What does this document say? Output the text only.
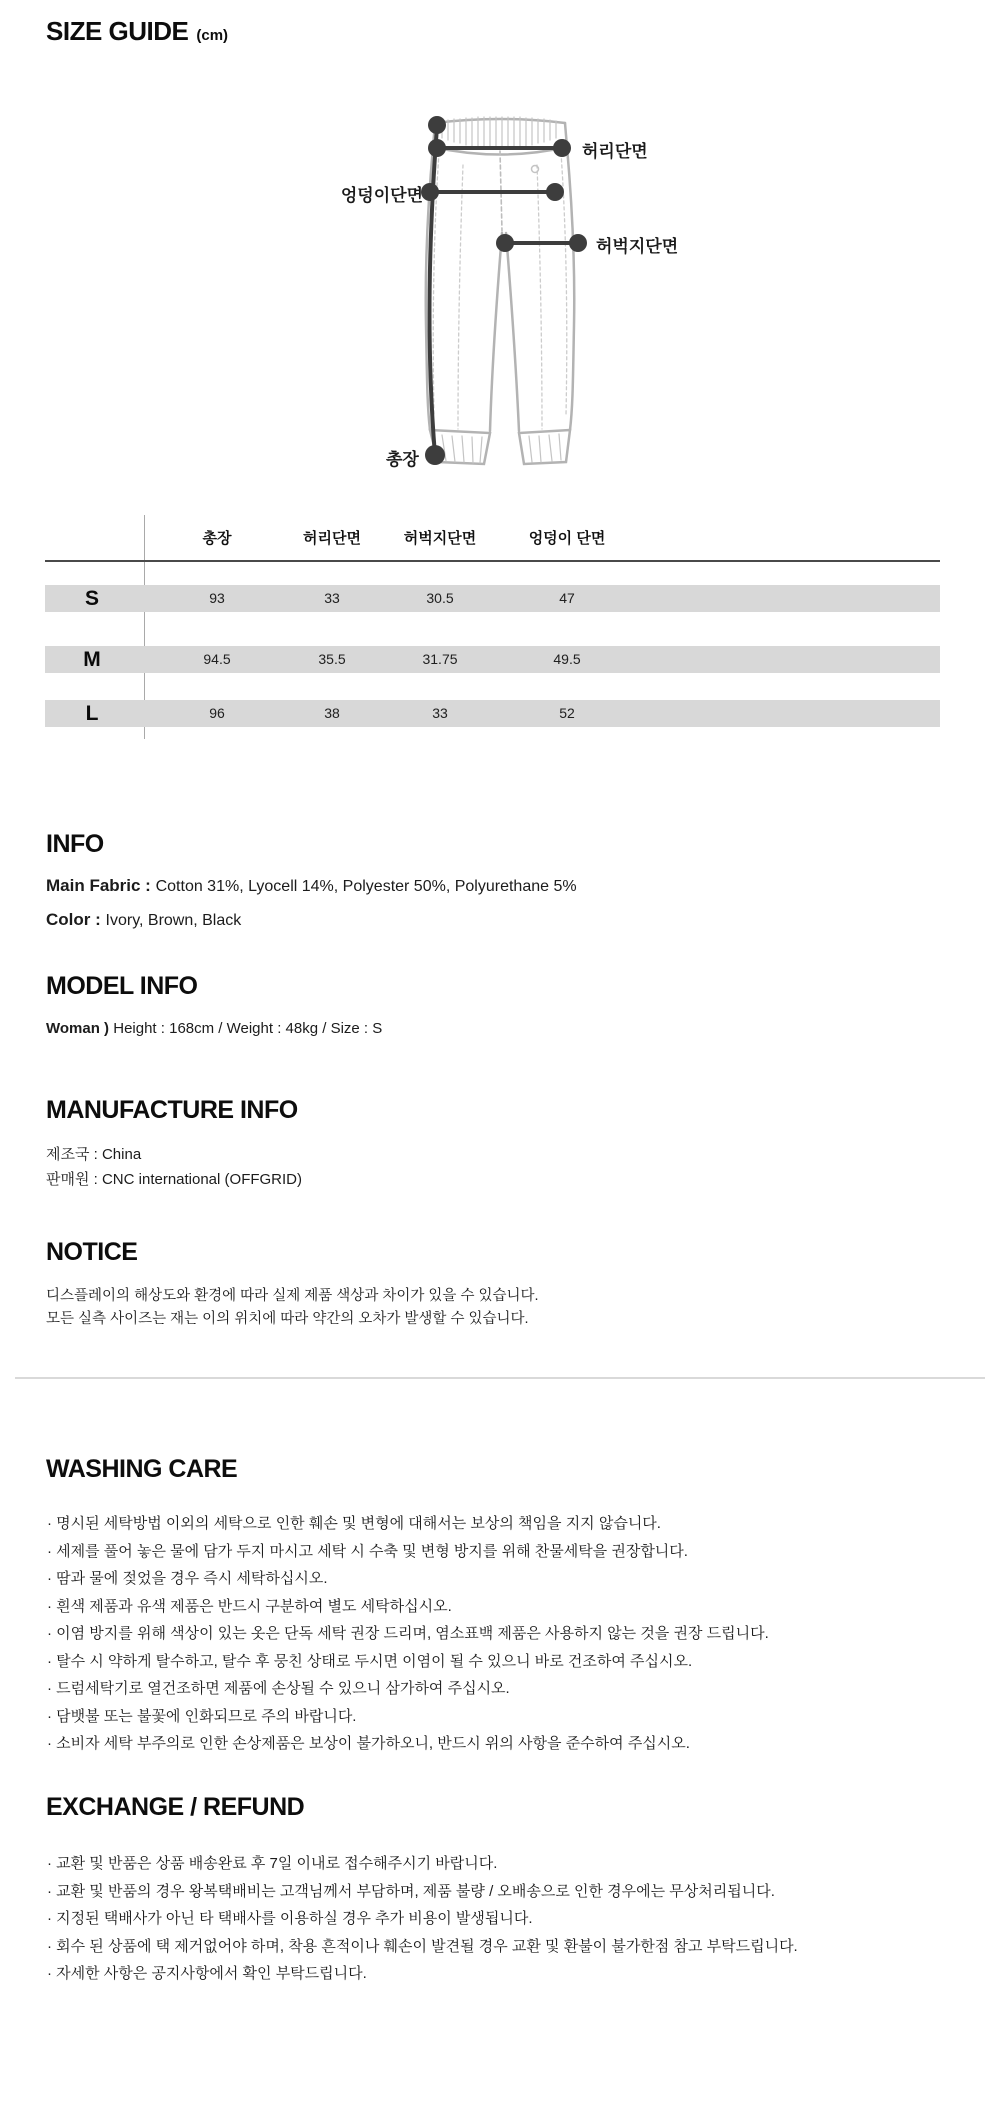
SIZE GUIDE (cm)
허리단면
엉덩이단면
허벅지단면
총장
총장	허리단면	허벅지단면	엉덩이 단면
S	93	33	30.5	47
M	94.5	35.5	31.75	49.5
L	96	38	33	52
INFO
Main Fabric : Cotton 31%, Lyocell 14%, Polyester 50%, Polyurethane 5%
Color : Ivory, Brown, Black
MODEL INFO
Woman ) Height : 168cm / Weight : 48kg / Size : S
MANUFACTURE INFO
제조국 : China
판매원 : CNC international (OFFGRID)
NOTICE
디스플레이의 해상도와 환경에 따라 실제 제품 색상과 차이가 있을 수 있습니다.
모든 실측 사이즈는 재는 이의 위치에 따라 약간의 오차가 발생할 수 있습니다.
WASHING CARE
· 명시된 세탁방법 이외의 세탁으로 인한 훼손 및 변형에 대해서는 보상의 책임을 지지 않습니다.
· 세제를 풀어 놓은 물에 담가 두지 마시고 세탁 시 수축 및 변형 방지를 위해 찬물세탁을 권장합니다.
· 땀과 물에 젖었을 경우 즉시 세탁하십시오.
· 흰색 제품과 유색 제품은 반드시 구분하여 별도 세탁하십시오.
· 이염 방지를 위해 색상이 있는 옷은 단독 세탁 권장 드리며, 염소표백 제품은 사용하지 않는 것을 권장 드립니다.
· 탈수 시 약하게 탈수하고, 탈수 후 뭉친 상태로 두시면 이염이 될 수 있으니 바로 건조하여 주십시오.
· 드럼세탁기로 열건조하면 제품에 손상될 수 있으니 삼가하여 주십시오.
· 담뱃불 또는 불꽃에 인화되므로 주의 바랍니다.
· 소비자 세탁 부주의로 인한 손상제품은 보상이 불가하오니, 반드시 위의 사항을 준수하여 주십시오.
EXCHANGE / REFUND
· 교환 및 반품은 상품 배송완료 후 7일 이내로 접수해주시기 바랍니다.
· 교환 및 반품의 경우 왕복택배비는 고객님께서 부담하며, 제품 불량 / 오배송으로 인한 경우에는 무상처리됩니다.
· 지정된 택배사가 아닌 타 택배사를 이용하실 경우 추가 비용이 발생됩니다.
· 회수 된 상품에 택 제거없어야 하며, 착용 흔적이나 훼손이 발견될 경우 교환 및 환불이 불가한점 참고 부탁드립니다.
· 자세한 사항은 공지사항에서 확인 부탁드립니다.
